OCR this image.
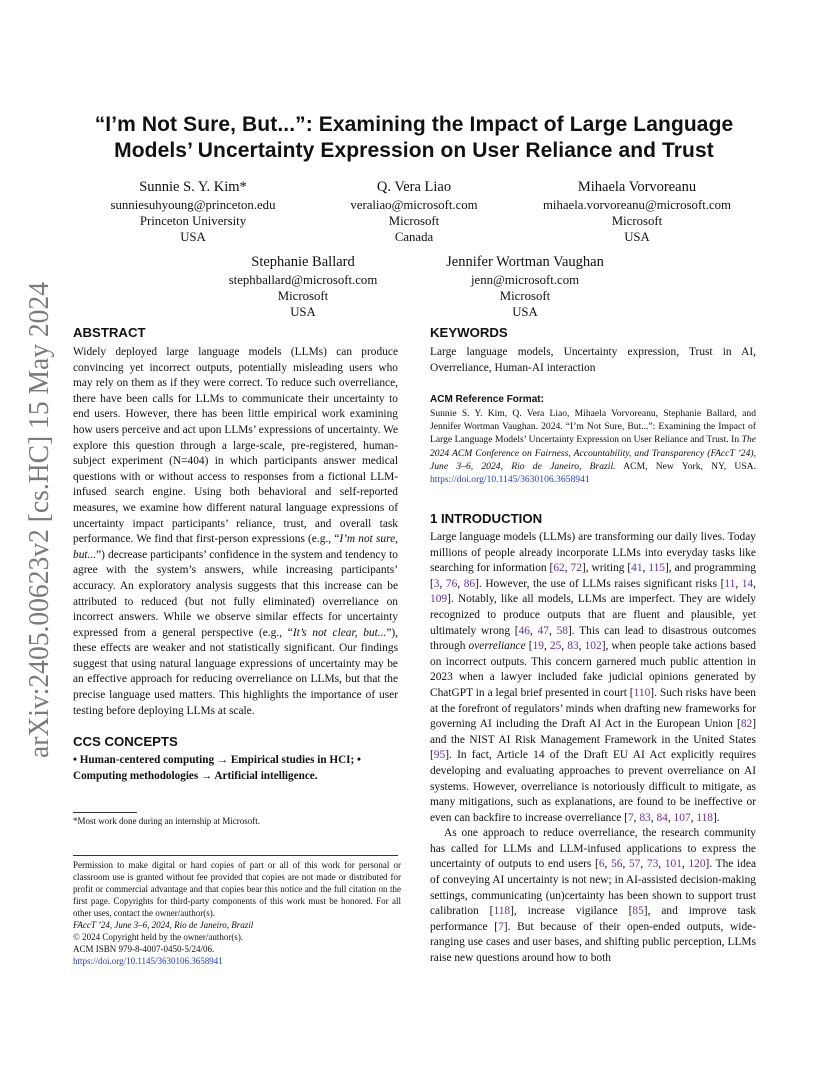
arXiv:2405.00623v2 [cs.HC] 15 May 2024
“I’m Not Sure, But...”: Examining the Impact of Large Language
Models’ Uncertainty Expression on User Reliance and Trust
Sunnie S. Y. Kim*
sunniesuhyoung@princeton.edu
Princeton University
USA
Q. Vera Liao
veraliao@microsoft.com
Microsoft
Canada
Mihaela Vorvoreanu
mihaela.vorvoreanu@microsoft.com
Microsoft
USA
Stephanie Ballard
stephballard@microsoft.com
Microsoft
USA
Jennifer Wortman Vaughan
jenn@microsoft.com
Microsoft
USA
ABSTRACT

Widely deployed large language models (LLMs) can produce convincing yet incorrect outputs, potentially misleading users who may rely on them as if they were correct. To reduce such overreliance, there have been calls for LLMs to communicate their uncertainty to end users. However, there has been little empirical work examining how users perceive and act upon LLMs’ expressions of uncertainty. We explore this question through a large-scale, pre-registered, human-subject experiment (N=404) in which participants answer medical questions with or without access to responses from a fictional LLM-infused search engine. Using both behavioral and self-reported measures, we examine how different natural language expressions of uncertainty impact participants’ reliance, trust, and overall task performance. We find that first-person expressions (e.g., “I’m not sure, but...”) decrease participants’ confidence in the system and tendency to agree with the system’s answers, while increasing participants’ accuracy. An exploratory analysis suggests that this increase can be attributed to reduced (but not fully eliminated) overreliance on incorrect answers. While we observe similar effects for uncertainty expressed from a general perspective (e.g., “It’s not clear, but...”), these effects are weaker and not statistically significant. Our findings suggest that using natural language expressions of uncertainty may be an effective approach for reducing overreliance on LLMs, but that the precise language used matters. This highlights the importance of user testing before deploying LLMs at scale.

CCS CONCEPTS
• Human-centered computing → Empirical studies in HCI; • Computing methodologies → Artificial intelligence.
*Most work done during an internship at Microsoft.
Permission to make digital or hard copies of part or all of this work for personal or classroom use is granted without fee provided that copies are not made or distributed for profit or commercial advantage and that copies bear this notice and the full citation on the first page. Copyrights for third-party components of this work must be honored. For all other uses, contact the owner/author(s).
FAccT ’24, June 3–6, 2024, Rio de Janeiro, Brazil
© 2024 Copyright held by the owner/author(s).
ACM ISBN 979-8-4007-0450-5/24/06.
https://doi.org/10.1145/3630106.3658941
KEYWORDS

Large language models, Uncertainty expression, Trust in AI, Overreliance, Human-AI interaction

ACM Reference Format:

Sunnie S. Y. Kim, Q. Vera Liao, Mihaela Vorvoreanu, Stephanie Ballard, and Jennifer Wortman Vaughan. 2024. “I’m Not Sure, But...”: Examining the Impact of Large Language Models’ Uncertainty Expression on User Reliance and Trust. In The 2024 ACM Conference on Fairness, Accountability, and Transparency (FAccT ’24), June 3–6, 2024, Rio de Janeiro, Brazil. ACM, New York, NY, USA. https://doi.org/10.1145/3630106.3658941

1 INTRODUCTION

Large language models (LLMs) are transforming our daily lives. Today millions of people already incorporate LLMs into everyday tasks like searching for information [62, 72], writing [41, 115], and programming [3, 76, 86]. However, the use of LLMs raises significant risks [11, 14, 109]. Notably, like all models, LLMs are imperfect. They are widely recognized to produce outputs that are fluent and plausible, yet ultimately wrong [46, 47, 58]. This can lead to disastrous outcomes through overreliance [19, 25, 83, 102], when people take actions based on incorrect outputs. This concern garnered much public attention in 2023 when a lawyer included fake judicial opinions generated by ChatGPT in a legal brief presented in court [110]. Such risks have been at the forefront of regulators’ minds when drafting new frameworks for governing AI including the Draft AI Act in the European Union [82] and the NIST AI Risk Management Framework in the United States [95]. In fact, Article 14 of the Draft EU AI Act explicitly requires developing and evaluating approaches to prevent overreliance on AI systems. However, overreliance is notoriously difficult to mitigate, as many mitigations, such as explanations, are found to be ineffective or even can backfire to increase overreliance [7, 83, 84, 107, 118].

As one approach to reduce overreliance, the research community has called for LLMs and LLM-infused applications to express the uncertainty of outputs to end users [6, 56, 57, 73, 101, 120]. The idea of conveying AI uncertainty is not new; in AI-assisted decision-making settings, communicating (un)certainty has been shown to support trust calibration [118], increase vigilance [85], and improve task performance [7]. But because of their open-ended outputs, wide-ranging use cases and user bases, and shifting public perception, LLMs raise new questions around how to both
